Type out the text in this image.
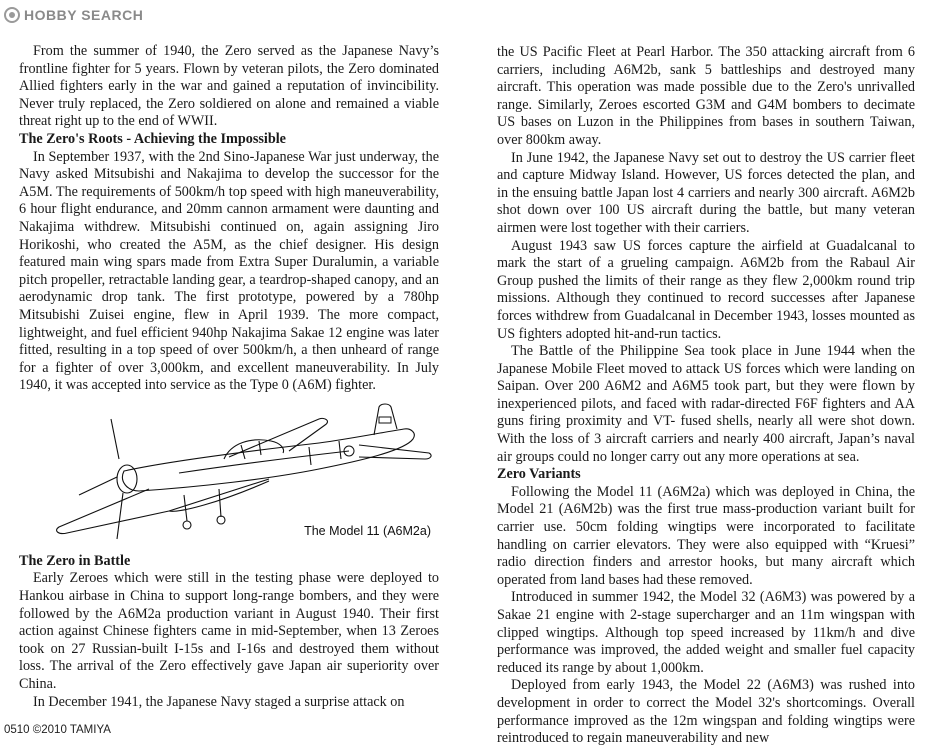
HOBBY SEARCH

From the summer of 1940, the Zero served as the Japanese Navy’s frontline fighter for 5 years. Flown by veteran pilots, the Zero dominated Allied fighters early in the war and gained a reputation of invincibility. Never truly replaced, the Zero soldiered on alone and remained a viable threat right up to the end of WWII.

The Zero's Roots - Achieving the Impossible

In September 1937, with the 2nd Sino-Japanese War just underway, the Navy asked Mitsubishi and Nakajima to develop the successor for the A5M. The requirements of 500km/h top speed with high maneuverability, 6 hour flight endurance, and 20mm cannon armament were daunting and Nakajima withdrew. Mitsubishi continued on, again assigning Jiro Horikoshi, who created the A5M, as the chief designer. His design featured main wing spars made from Extra Super Duralumin, a variable pitch propeller, retractable landing gear, a teardrop-shaped canopy, and an aerodynamic drop tank. The first prototype, powered by a 780hp Mitsubishi Zuisei engine, flew in April 1939. The more compact, lightweight, and fuel efficient 940hp Nakajima Sakae 12 engine was later fitted, resulting in a top speed of over 500km/h, a then unheard of range for a fighter of over 3,000km, and excellent maneuverability. In July 1940, it was accepted into service as the Type 0 (A6M) fighter.

The Model 11 (A6M2a)
The Zero in Battle

Early Zeroes which were still in the testing phase were deployed to Hankou airbase in China to support long-range bombers, and they were followed by the A6M2a production variant in August 1940. Their first action against Chinese fighters came in mid-September, when 13 Zeroes took on 27 Russian-built I-15s and I-16s and destroyed them without loss. The arrival of the Zero effectively gave Japan air superiority over China.

In December 1941, the Japanese Navy staged a surprise attack on

the US Pacific Fleet at Pearl Harbor. The 350 attacking aircraft from 6 carriers, including A6M2b, sank 5 battleships and destroyed many aircraft. This operation was made possible due to the Zero's unrivalled range. Similarly, Zeroes escorted G3M and G4M bombers to decimate US bases on Luzon in the Philippines from bases in southern Taiwan, over 800km away.

In June 1942, the Japanese Navy set out to destroy the US carrier fleet and capture Midway Island. However, US forces detected the plan, and in the ensuing battle Japan lost 4 carriers and nearly 300 aircraft. A6M2b shot down over 100 US aircraft during the battle, but many veteran airmen were lost together with their carriers.

August 1943 saw US forces capture the airfield at Guadalcanal to mark the start of a grueling campaign. A6M2b from the Rabaul Air Group pushed the limits of their range as they flew 2,000km round trip missions. Although they continued to record successes after Japanese forces withdrew from Guadalcanal in December 1943, losses mounted as US fighters adopted hit-and-run tactics.

The Battle of the Philippine Sea took place in June 1944 when the Japanese Mobile Fleet moved to attack US forces which were landing on Saipan. Over 200 A6M2 and A6M5 took part, but they were flown by inexperienced pilots, and faced with radar-directed F6F fighters and AA guns firing proximity and VT- fused shells, nearly all were shot down. With the loss of 3 aircraft carriers and nearly 400 aircraft, Japan’s naval air groups could no longer carry out any more operations at sea.

Zero Variants

Following the Model 11 (A6M2a) which was deployed in China, the Model 21 (A6M2b) was the first true mass-production variant built for carrier use. 50cm folding wingtips were incorporated to facilitate handling on carrier elevators. They were also equipped with “Kruesi” radio direction finders and arrestor hooks, but many aircraft which operated from land bases had these removed.

Introduced in summer 1942, the Model 32 (A6M3) was powered by a Sakae 21 engine with 2-stage supercharger and an 11m wingspan with clipped wingtips. Although top speed increased by 11km/h and dive performance was improved, the added weight and smaller fuel capacity reduced its range by about 1,000km.

Deployed from early 1943, the Model 22 (A6M3) was rushed into development in order to correct the Model 32's shortcomings. Overall performance improved as the 12m wingspan and folding wingtips were reintroduced to regain maneuverability and new

0510 ©2010 TAMIYA
